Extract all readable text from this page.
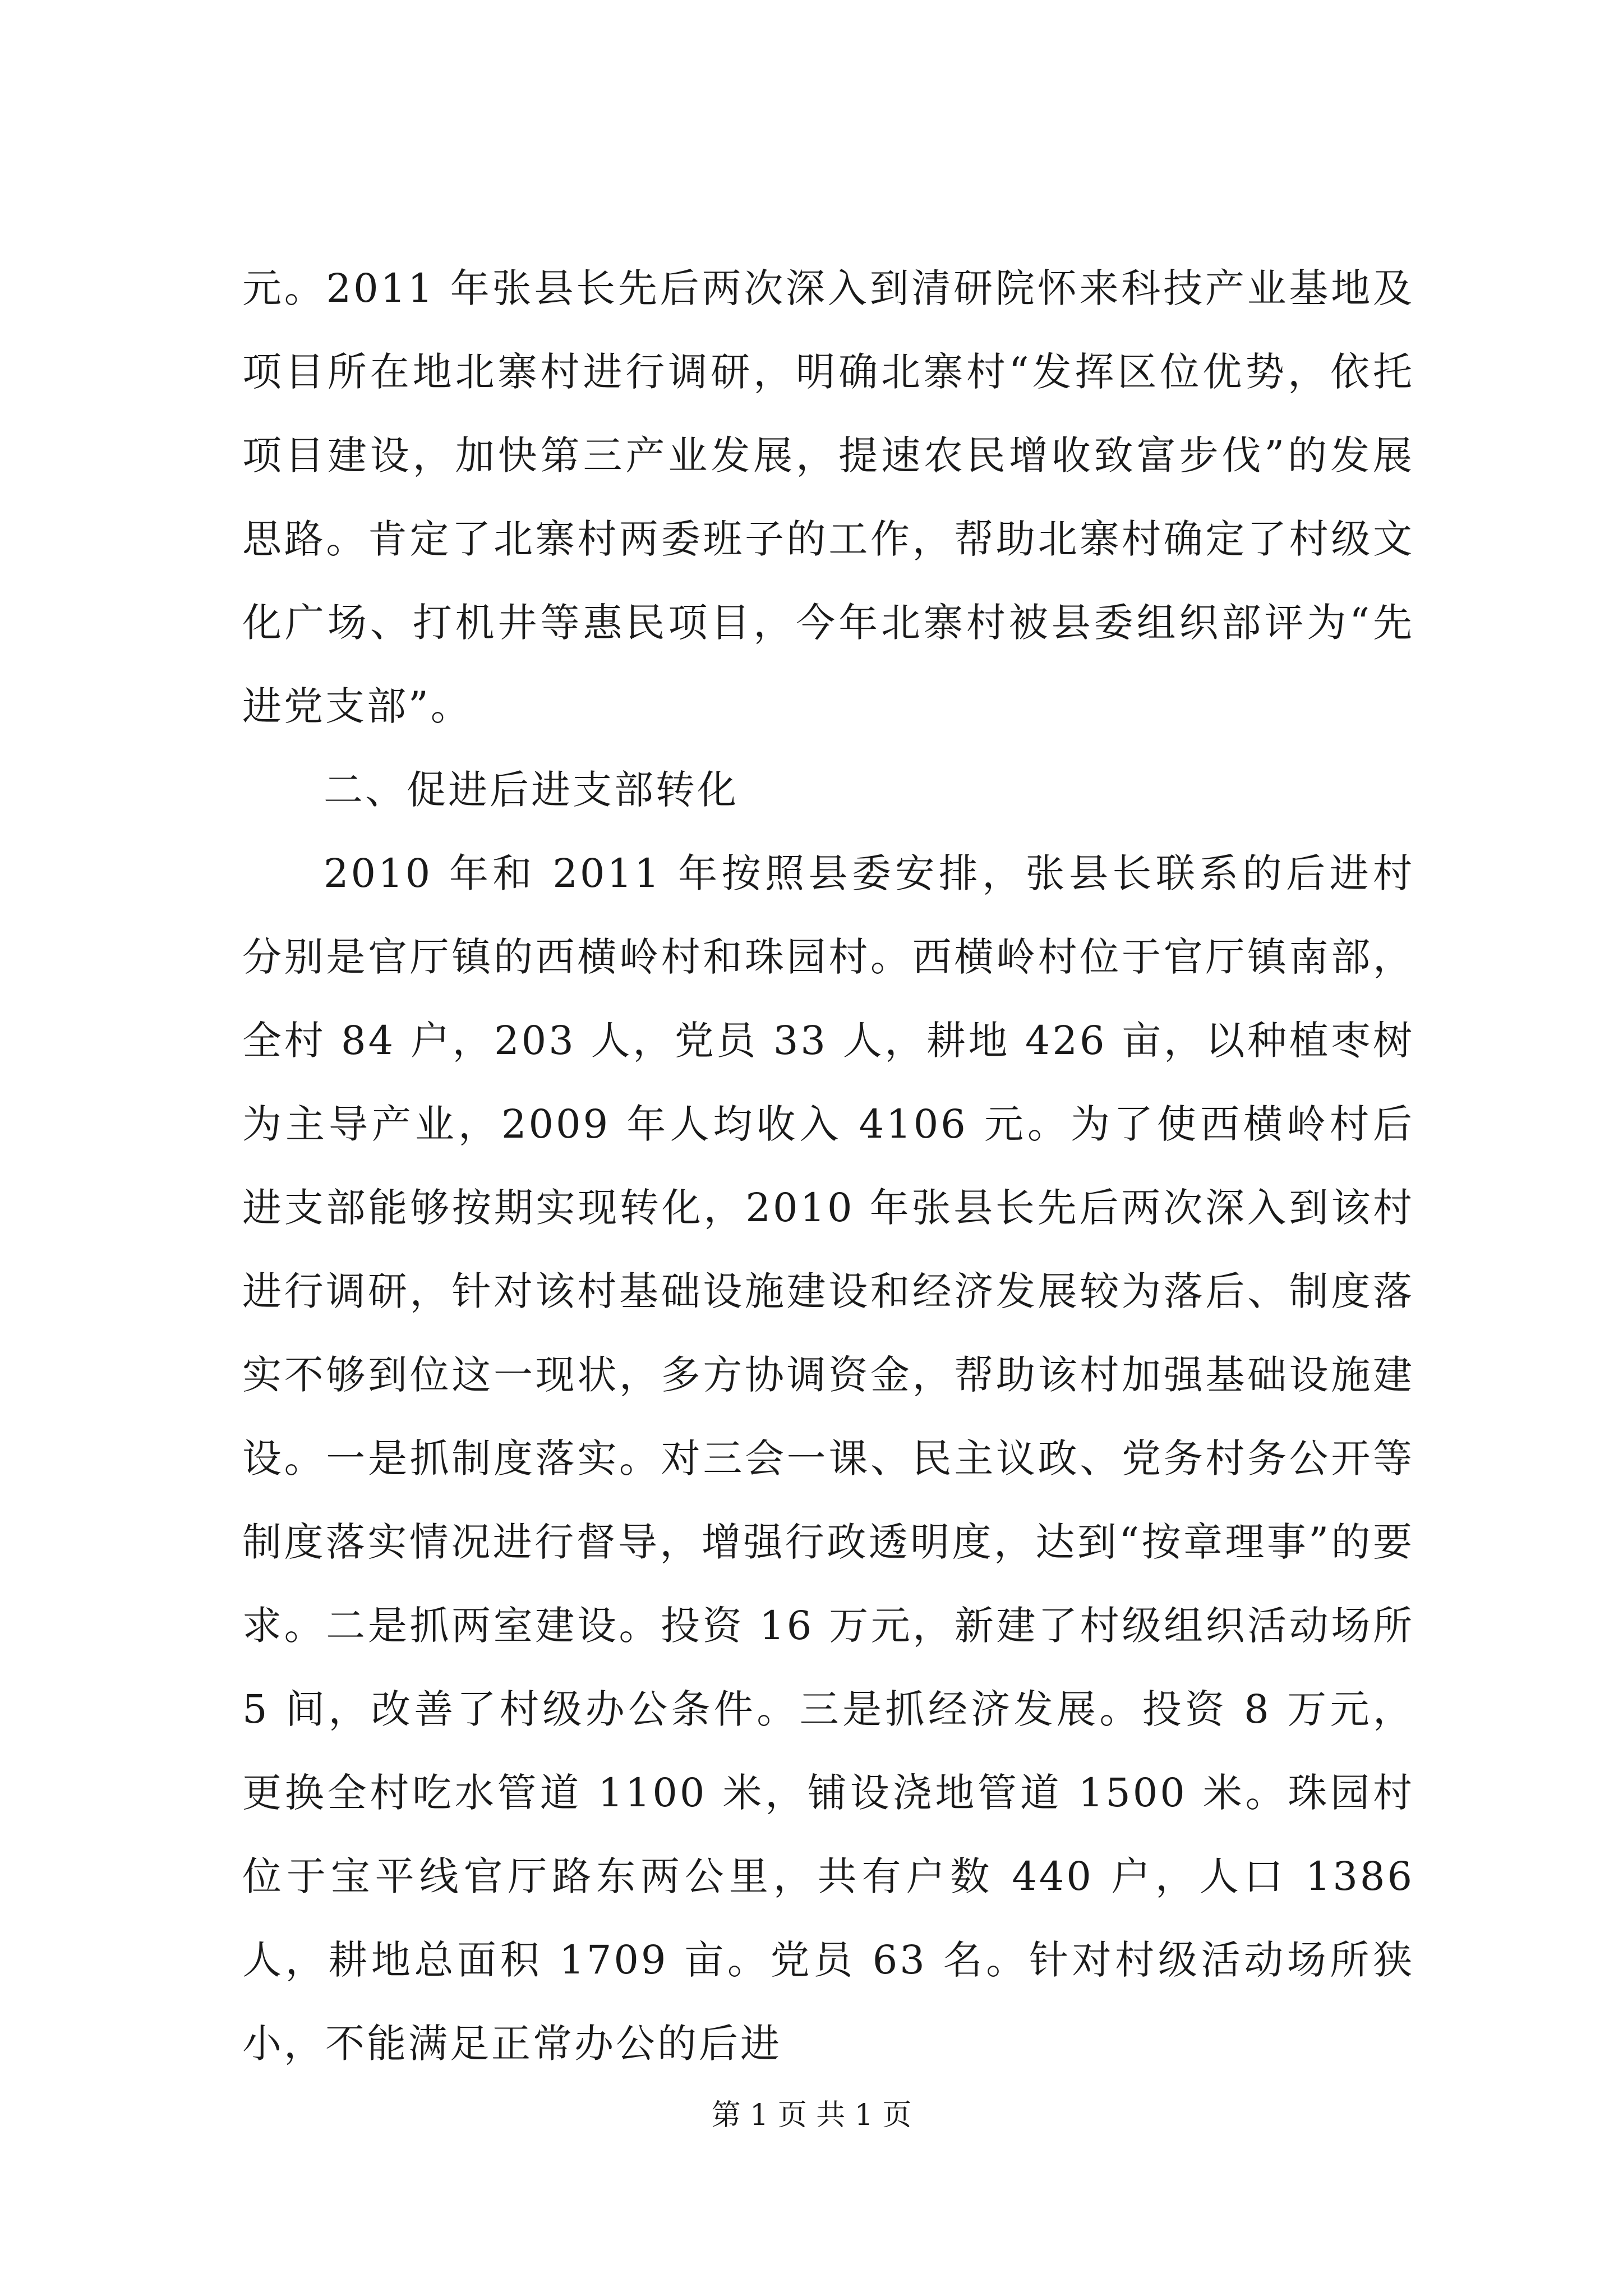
元。2011 年张县长先后两次深入到清研院怀来科技产业基地及项目所在地北寨村进行调研，明确北寨村“发挥区位优势，依托项目建设，加快第三产业发展，提速农民增收致富步伐”的发展思路。肯定了北寨村两委班子的工作，帮助北寨村确定了村级文化广场、打机井等惠民项目，今年北寨村被县委组织部评为“先进党支部”。

二、促进后进支部转化

2010 年和 2011 年按照县委安排，张县长联系的后进村分别是官厅镇的西横岭村和珠园村。西横岭村位于官厅镇南部，全村 84 户，203 人，党员 33 人，耕地 426 亩，以种植枣树为主导产业，2009 年人均收入 4106 元。为了使西横岭村后进支部能够按期实现转化，2010 年张县长先后两次深入到该村进行调研，针对该村基础设施建设和经济发展较为落后、制度落实不够到位这一现状，多方协调资金，帮助该村加强基础设施建设。一是抓制度落实。对三会一课、民主议政、党务村务公开等制度落实情况进行督导，增强行政透明度，达到“按章理事”的要求。二是抓两室建设。投资 16 万元，新建了村级组织活动场所 5 间，改善了村级办公条件。三是抓经济发展。投资 8 万元，更换全村吃水管道 1100 米，铺设浇地管道 1500 米。珠园村位于宝平线官厅路东两公里，共有户数 440 户，人口 1386 人，耕地总面积 1709 亩。党员 63 名。针对村级活动场所狭小，不能满足正常办公的后进

第 1 页 共 1 页
